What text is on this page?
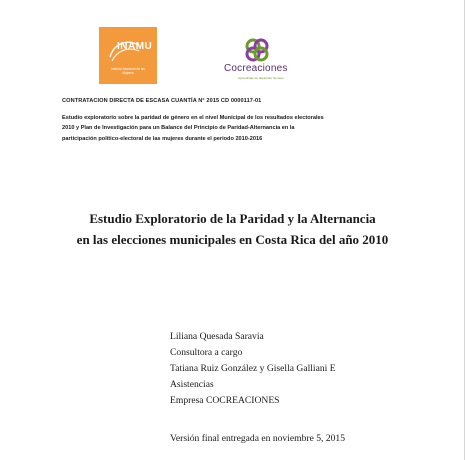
INAMU
Instituto Nacional de las Mujeres	Cocreaciones
Aprendizaje de desarrollo humano
CONTRATACION DIRECTA DE ESCASA CUANTÍA N° 2015 CD 0000117-01
Estudio exploratorio sobre la paridad de género en el nivel Municipal de los resultados electorales
2010 y Plan de Investigación para un Balance del Principio de Paridad-Alternancia en la
participación político-electoral de las mujeres durante el periodo 2010-2016
Estudio Exploratorio de la Paridad y la Alternancia
en las elecciones municipales en Costa Rica del año 2010
Liliana Quesada Saravia
Consultora a cargo
Tatiana Ruiz González y Gisella Galliani E
Asistencias
Empresa COCREACIONES
Versión final entregada en noviembre 5, 2015
